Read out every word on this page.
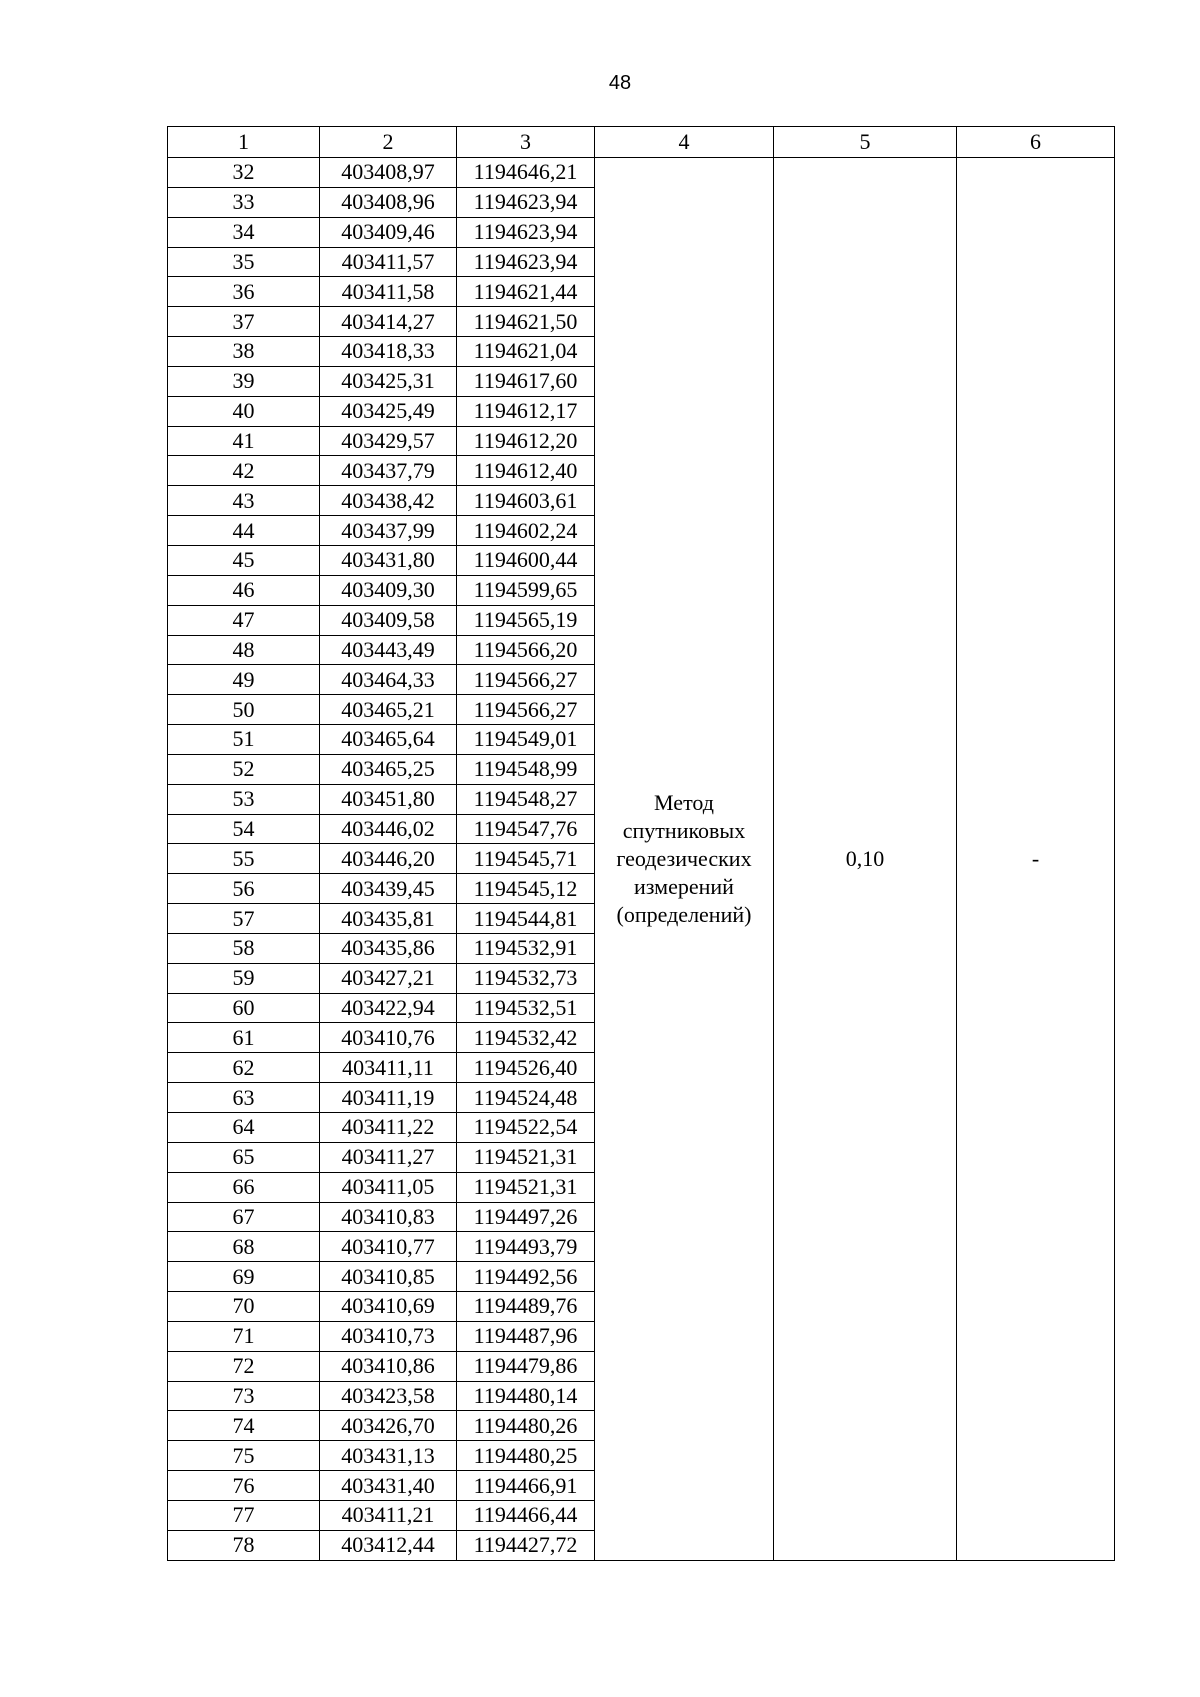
48
1	2	3	4	5	6
32	403408,97	1194646,21	Метод спутниковых геодезических измерений (определений)	0,10	-
33	403408,96	1194623,94			
34	403409,46	1194623,94			
35	403411,57	1194623,94			
36	403411,58	1194621,44			
37	403414,27	1194621,50			
38	403418,33	1194621,04			
39	403425,31	1194617,60			
40	403425,49	1194612,17			
41	403429,57	1194612,20			
42	403437,79	1194612,40			
43	403438,42	1194603,61			
44	403437,99	1194602,24			
45	403431,80	1194600,44			
46	403409,30	1194599,65			
47	403409,58	1194565,19			
48	403443,49	1194566,20			
49	403464,33	1194566,27			
50	403465,21	1194566,27			
51	403465,64	1194549,01			
52	403465,25	1194548,99			
53	403451,80	1194548,27			
54	403446,02	1194547,76			
55	403446,20	1194545,71			
56	403439,45	1194545,12			
57	403435,81	1194544,81			
58	403435,86	1194532,91			
59	403427,21	1194532,73			
60	403422,94	1194532,51			
61	403410,76	1194532,42			
62	403411,11	1194526,40			
63	403411,19	1194524,48			
64	403411,22	1194522,54			
65	403411,27	1194521,31			
66	403411,05	1194521,31			
67	403410,83	1194497,26			
68	403410,77	1194493,79			
69	403410,85	1194492,56			
70	403410,69	1194489,76			
71	403410,73	1194487,96			
72	403410,86	1194479,86			
73	403423,58	1194480,14			
74	403426,70	1194480,26			
75	403431,13	1194480,25			
76	403431,40	1194466,91			
77	403411,21	1194466,44			
78	403412,44	1194427,72			
